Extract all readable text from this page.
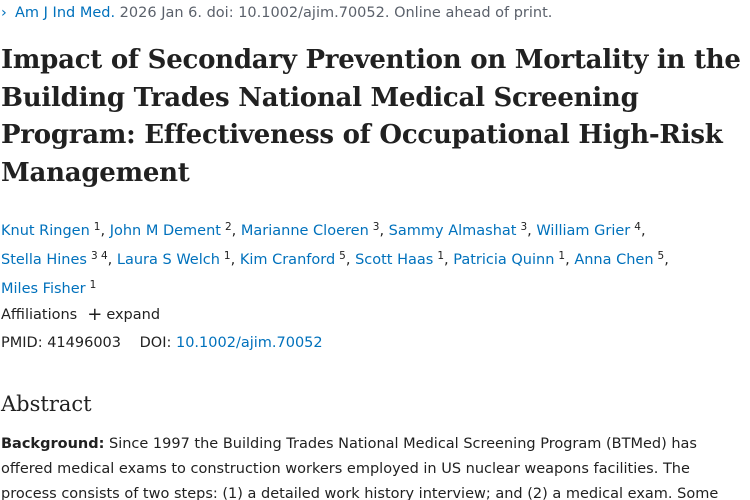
› Am J Ind Med. 2026 Jan 6. doi: 10.1002/ajim.70052. Online ahead of print.
Impact of Secondary Prevention on Mortality in the Building Trades National Medical Screening Program: Effectiveness of Occupational High-Risk Management
Knut Ringen $^1$, John M Dement $^2$, Marianne Cloeren $^3$, Sammy Almashat $^3$, William Grier $^4$,
Stella Hines $^{3 4}$, Laura S Welch $^1$, Kim Cranford $^5$, Scott Haas $^1$, Patricia Quinn $^1$, Anna Chen $^5$,
Miles Fisher $^1$
Affiliations + expand
PMID: 41496003 DOI: 10.1002/ajim.70052
Abstract
Background: Since 1997 the Building Trades National Medical Screening Program (BTMed) has offered medical exams to construction workers employed in US nuclear weapons facilities. The process consists of two steps: (1) a detailed work history interview; and (2) a medical exam. Some
